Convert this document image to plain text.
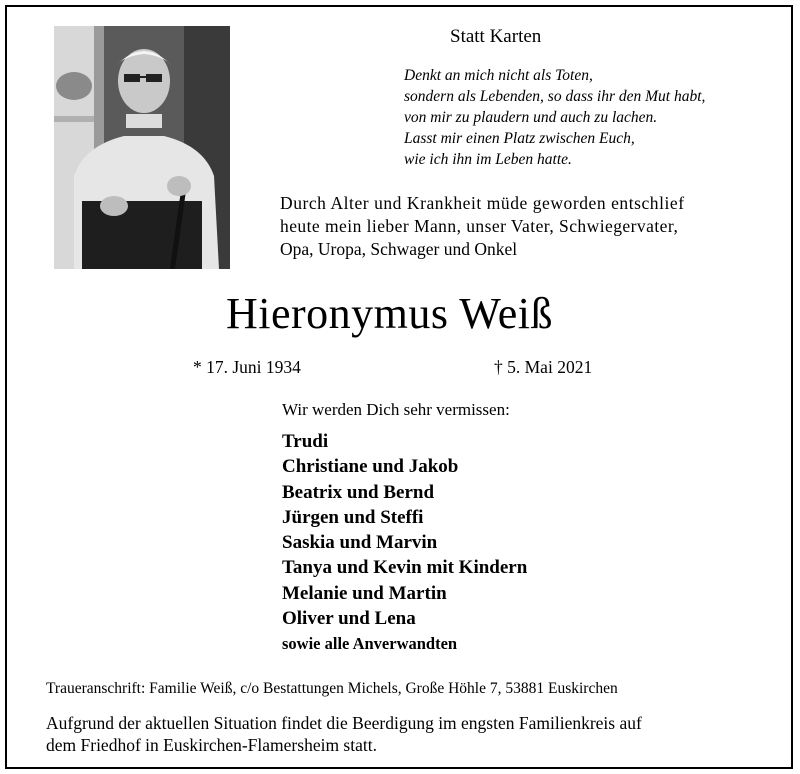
Statt Karten
Denkt an mich nicht als Toten,
sondern als Lebenden, so dass ihr den Mut habt,
von mir zu plaudern und auch zu lachen.
Lasst mir einen Platz zwischen Euch,
wie ich ihn im Leben hatte.
Durch Alter und Krankheit müde geworden entschlief
heute mein lieber Mann, unser Vater, Schwiegervater,
Opa, Uropa, Schwager und Onkel
Hieronymus Weiß
* 17. Juni 1934	† 5. Mai 2021
Wir werden Dich sehr vermissen:
Trudi
Christiane und Jakob
Beatrix und Bernd
Jürgen und Steffi
Saskia und Marvin
Tanya und Kevin mit Kindern
Melanie und Martin
Oliver und Lena
sowie alle Anverwandten
Traueranschrift: Familie Weiß, c/o Bestattungen Michels, Große Höhle 7, 53881 Euskirchen
Aufgrund der aktuellen Situation findet die Beerdigung im engsten Familienkreis auf
dem Friedhof in Euskirchen-Flamersheim statt.
